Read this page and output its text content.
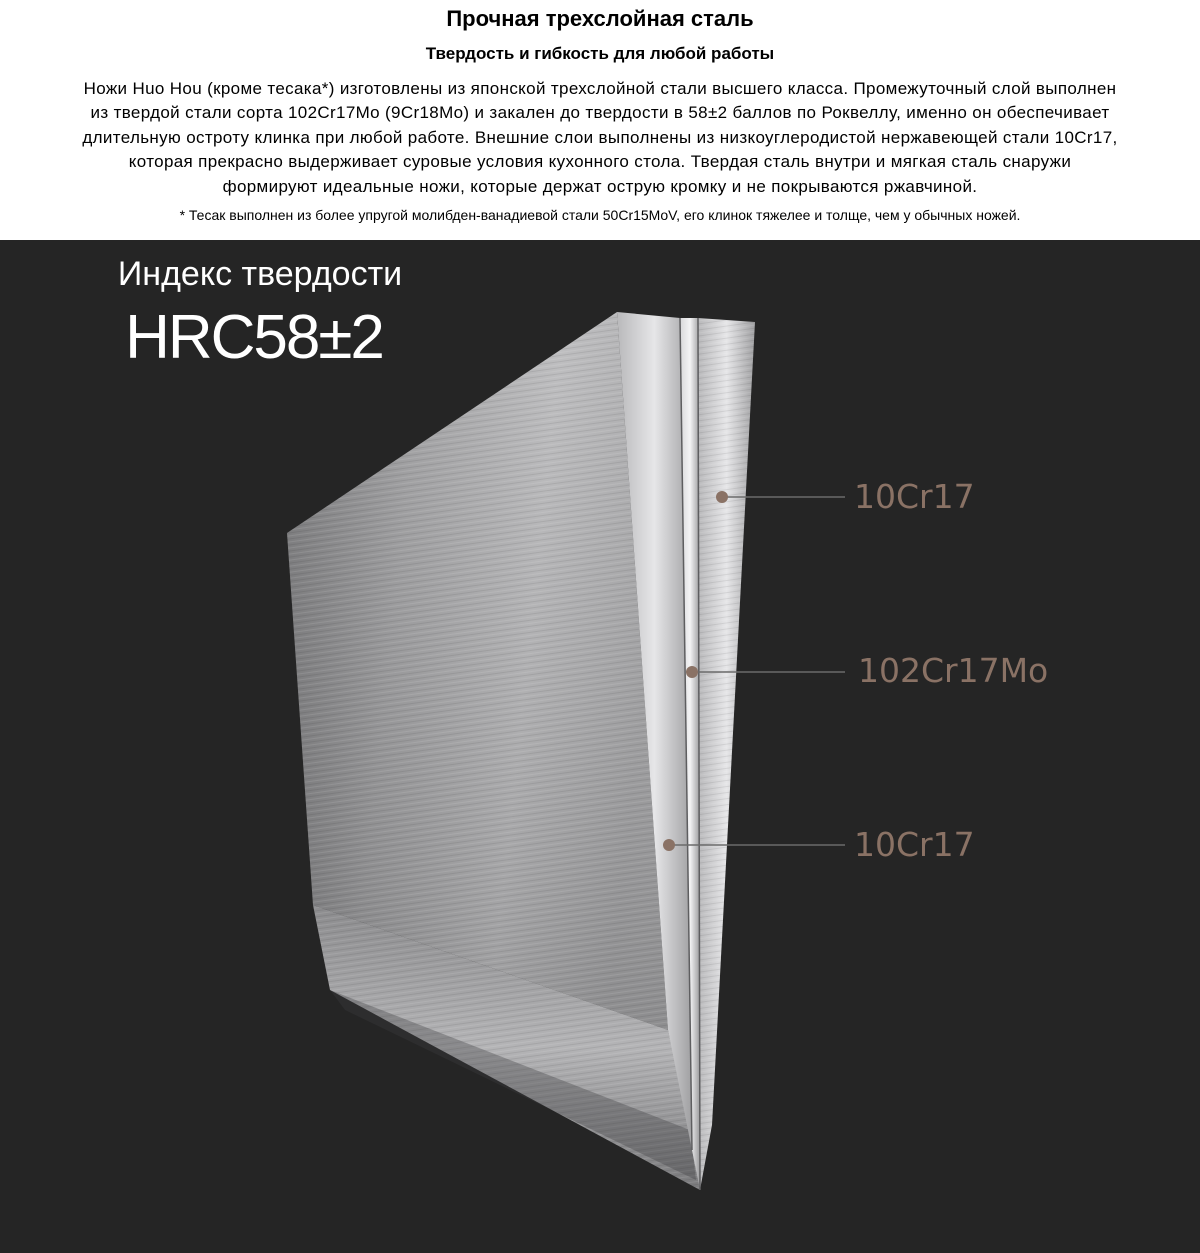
Прочная трехслойная сталь
Твердость и гибкость для любой работы
Ножи Huo Hou (кроме тесака*) изготовлены из японской трехслойной стали высшего класса. Промежуточный слой выполнен
из твердой стали сорта 102Cr17Mo (9Cr18Mo) и закален до твердости в 58±2 баллов по Роквеллу, именно он обеспечивает
длительную остроту клинка при любой работе. Внешние слои выполнены из низкоуглеродистой нержавеющей стали 10Cr17,
которая прекрасно выдерживает суровые условия кухонного стола. Твердая сталь внутри и мягкая сталь снаружи
формируют идеальные ножи, которые держат острую кромку и не покрываются ржавчиной.
* Тесак выполнен из более упругой молибден-ванадиевой стали 50Cr15MoV, его клинок тяжелее и толще, чем у обычных ножей.
Индекс твердости
HRC58±2
10Cr17
102Cr17Mo
10Cr17
